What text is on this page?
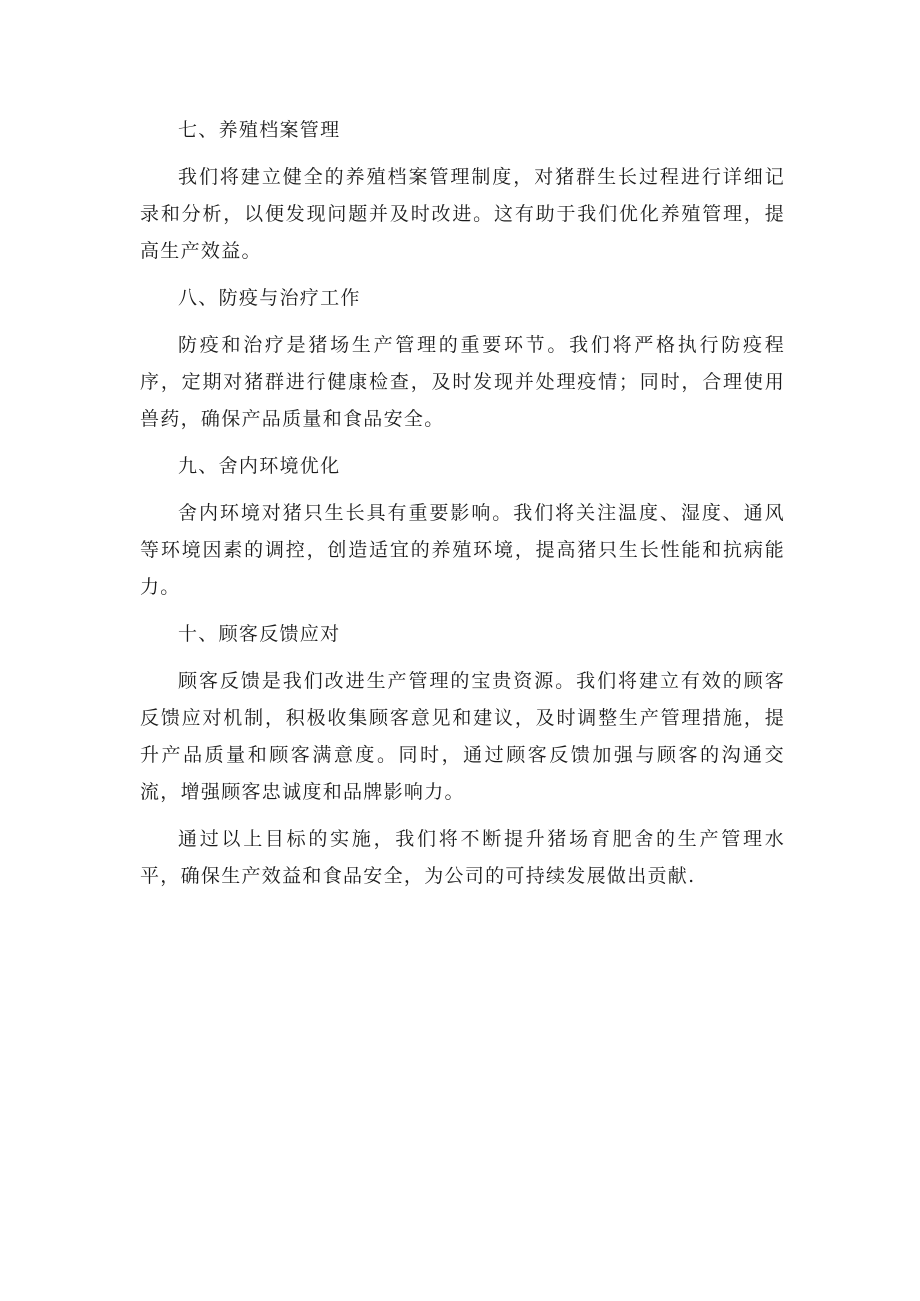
七、养殖档案管理

我们将建立健全的养殖档案管理制度，对猪群生长过程进行详细记录和分析，以便发现问题并及时改进。这有助于我们优化养殖管理，提高生产效益。

八、防疫与治疗工作

防疫和治疗是猪场生产管理的重要环节。我们将严格执行防疫程序，定期对猪群进行健康检查，及时发现并处理疫情；同时，合理使用兽药，确保产品质量和食品安全。

九、舍内环境优化

舍内环境对猪只生长具有重要影响。我们将关注温度、湿度、通风等环境因素的调控，创造适宜的养殖环境，提高猪只生长性能和抗病能力。

十、顾客反馈应对

顾客反馈是我们改进生产管理的宝贵资源。我们将建立有效的顾客反馈应对机制，积极收集顾客意见和建议，及时调整生产管理措施，提升产品质量和顾客满意度。同时，通过顾客反馈加强与顾客的沟通交流，增强顾客忠诚度和品牌影响力。

通过以上目标的实施，我们将不断提升猪场育肥舍的生产管理水平，确保生产效益和食品安全，为公司的可持续发展做出贡献.
